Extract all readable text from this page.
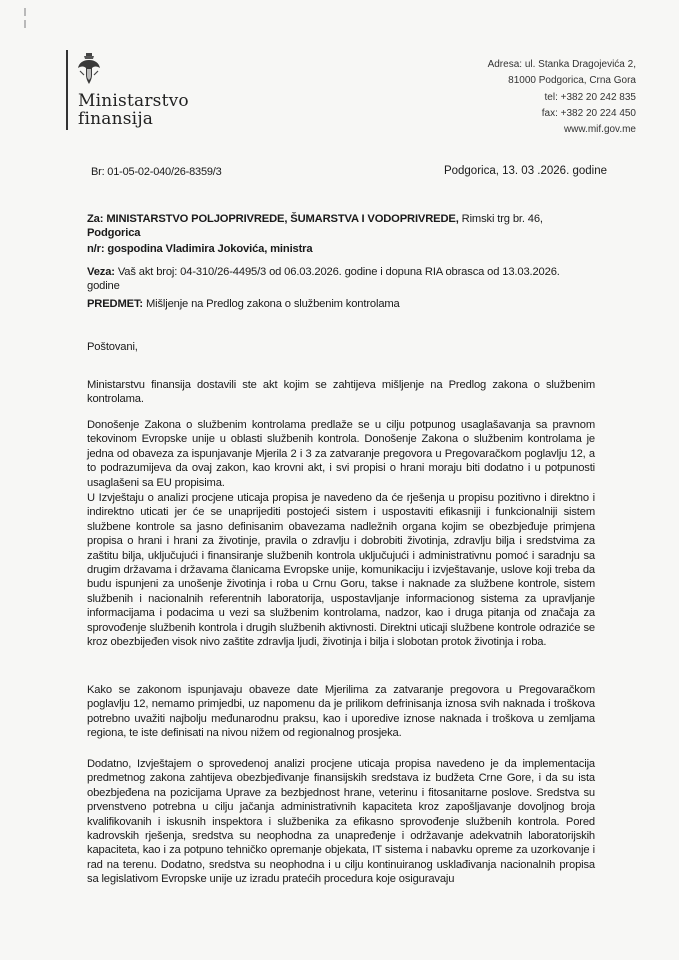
Ministarstvo
finansija
Adresa: ul. Stanka Dragojevića 2,
81000 Podgorica, Crna Gora
tel: +382 20 242 835
fax: +382 20 224 450
www.mif.gov.me
Br: 01-05-02-040/26-8359/3	Podgorica, 13. 03 .2026. godine
Za: MINISTARSTVO POLJOPRIVREDE, ŠUMARSTVA I VODOPRIVREDE, Rimski trg br. 46,
Podgorica
n/r: gospodina Vladimira Jokovića, ministra
Veza: Vaš akt broj: 04-310/26-4495/3 od 06.03.2026. godine i dopuna RIA obrasca od 13.03.2026.
godine
PREDMET: Mišljenje na Predlog zakona o službenim kontrolama
Poštovani,
Ministarstvu finansija dostavili ste akt kojim se zahtijeva mišljenje na Predlog zakona o službenim kontrolama.
Donošenje Zakona o službenim kontrolama predlaže se u cilju potpunog usaglašavanja sa pravnom tekovinom Evropske unije u oblasti službenih kontrola. Donošenje Zakona o službenim kontrolama je jedna od obaveza za ispunjavanje Mjerila 2 i 3 za zatvaranje pregovora u Pregovaračkom poglavlju 12, a to podrazumijeva da ovaj zakon, kao krovni akt, i svi propisi o hrani moraju biti dodatno i u potpunosti usaglašeni sa EU propisima.
U Izvještaju o analizi procjene uticaja propisa je navedeno da će rješenja u propisu pozitivno i direktno i indirektno uticati jer će se unaprijediti postojeći sistem i uspostaviti efikasniji i funkcionalniji sistem službene kontrole sa jasno definisanim obavezama nadležnih organa kojim se obezbjeđuje primjena propisa o hrani i hrani za životinje, pravila o zdravlju i dobrobiti životinja, zdravlju bilja i sredstvima za zaštitu bilja, uključujući i finansiranje službenih kontrola uključujući i administrativnu pomoć i saradnju sa drugim državama i državama članicama Evropske unije, komunikaciju i izvještavanje, uslove koji treba da budu ispunjeni za unošenje životinja i roba u Crnu Goru, takse i naknade za službene kontrole, sistem službenih i nacionalnih referentnih laboratorija, uspostavljanje informacionog sistema za upravljanje informacijama i podacima u vezi sa službenim kontrolama, nadzor, kao i druga pitanja od značaja za sprovođenje službenih kontrola i drugih službenih aktivnosti. Direktni uticaji službene kontrole odraziće se kroz obezbijeđen visok nivo zaštite zdravlja ljudi, životinja i bilja i slobotan protok životinja i roba.
Kako se zakonom ispunjavaju obaveze date Mjerilima za zatvaranje pregovora u Pregovaračkom poglavlju 12, nemamo primjedbi, uz napomenu da je prilikom defrinisanja iznosa svih naknada i troškova potrebno uvažiti najbolju međunarodnu praksu, kao i uporedive iznose naknada i troškova u zemljama regiona, te iste definisati na nivou nižem od regionalnog prosjeka.
Dodatno, Izvještajem o sprovedenoj analizi procjene uticaja propisa navedeno je da implementacija predmetnog zakona zahtijeva obezbjeđivanje finansijskih sredstava iz budžeta Crne Gore, i da su ista obezbjeđena na pozicijama Uprave za bezbjednost hrane, veterinu i fitosanitarne poslove. Sredstva su prvenstveno potrebna u cilju jačanja administrativnih kapaciteta kroz zapošljavanje dovoljnog broja kvalifikovanih i iskusnih inspektora i službenika za efikasno sprovođenje službenih kontrola. Pored kadrovskih rješenja, sredstva su neophodna za unapređenje i održavanje adekvatnih laboratorijskih kapaciteta, kao i za potpuno tehničko opremanje objekata, IT sistema i nabavku opreme za uzorkovanje i rad na terenu. Dodatno, sredstva su neophodna i u cilju kontinuiranog usklađivanja nacionalnih propisa sa legislativom Evropske unije uz izradu pratećih procedura koje osiguravaju
